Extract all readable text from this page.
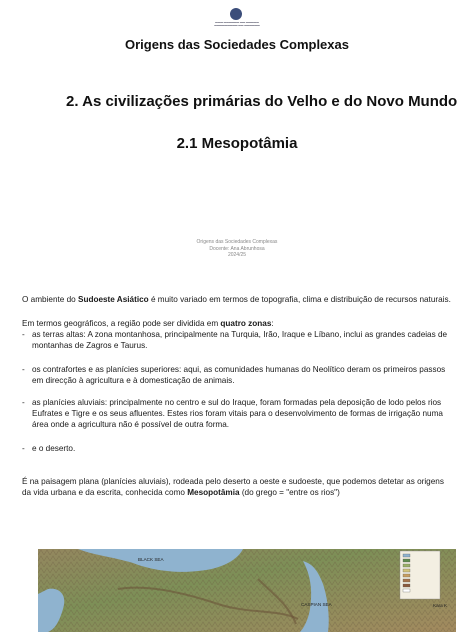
▬▬▬ ▬▬▬▬▬▬ ▬▬ ▬▬▬▬▬
▬▬▬▬▬▬▬▬▬ ▬▬ ▬▬▬▬▬▬
Origens das Sociedades Complexas
2. As civilizações primárias do Velho e do Novo Mundo
2.1 Mesopotâmia
Origens das Sociedades Complexas
Docente: Ana Abrunhosa
2024/25
O ambiente do Sudoeste Asiático é muito variado em termos de topografia, clima e distribuição de recursos naturais.
Em termos geográficos, a região pode ser dividida em quatro zonas:
- as terras altas: A zona montanhosa, principalmente na Turquia, Irão, Iraque e Líbano, inclui as grandes cadeias de montanhas de Zagros e Taurus.
- os contrafortes e as planícies superiores: aqui, as comunidades humanas do Neolítico deram os primeiros passos em direcção à agricultura e à domesticação de animais.
- as planícies aluviais: principalmente no centro e sul do Iraque, foram formadas pela deposição de lodo pelos rios Eufrates e Tigre e os seus afluentes. Estes rios foram vitais para o desenvolvimento de formas de irrigação numa área onde a agricultura não é possível de outra forma.
- e o deserto.
É na paisagem plana (planícies aluviais), rodeada pelo deserto a oeste e sudoeste, que podemos detetar as origens da vida urbana e da escrita, conhecida como Mesopotâmia (do grego = "entre os rios")
BLACK SEA
CASPIAN SEA	Kara K
